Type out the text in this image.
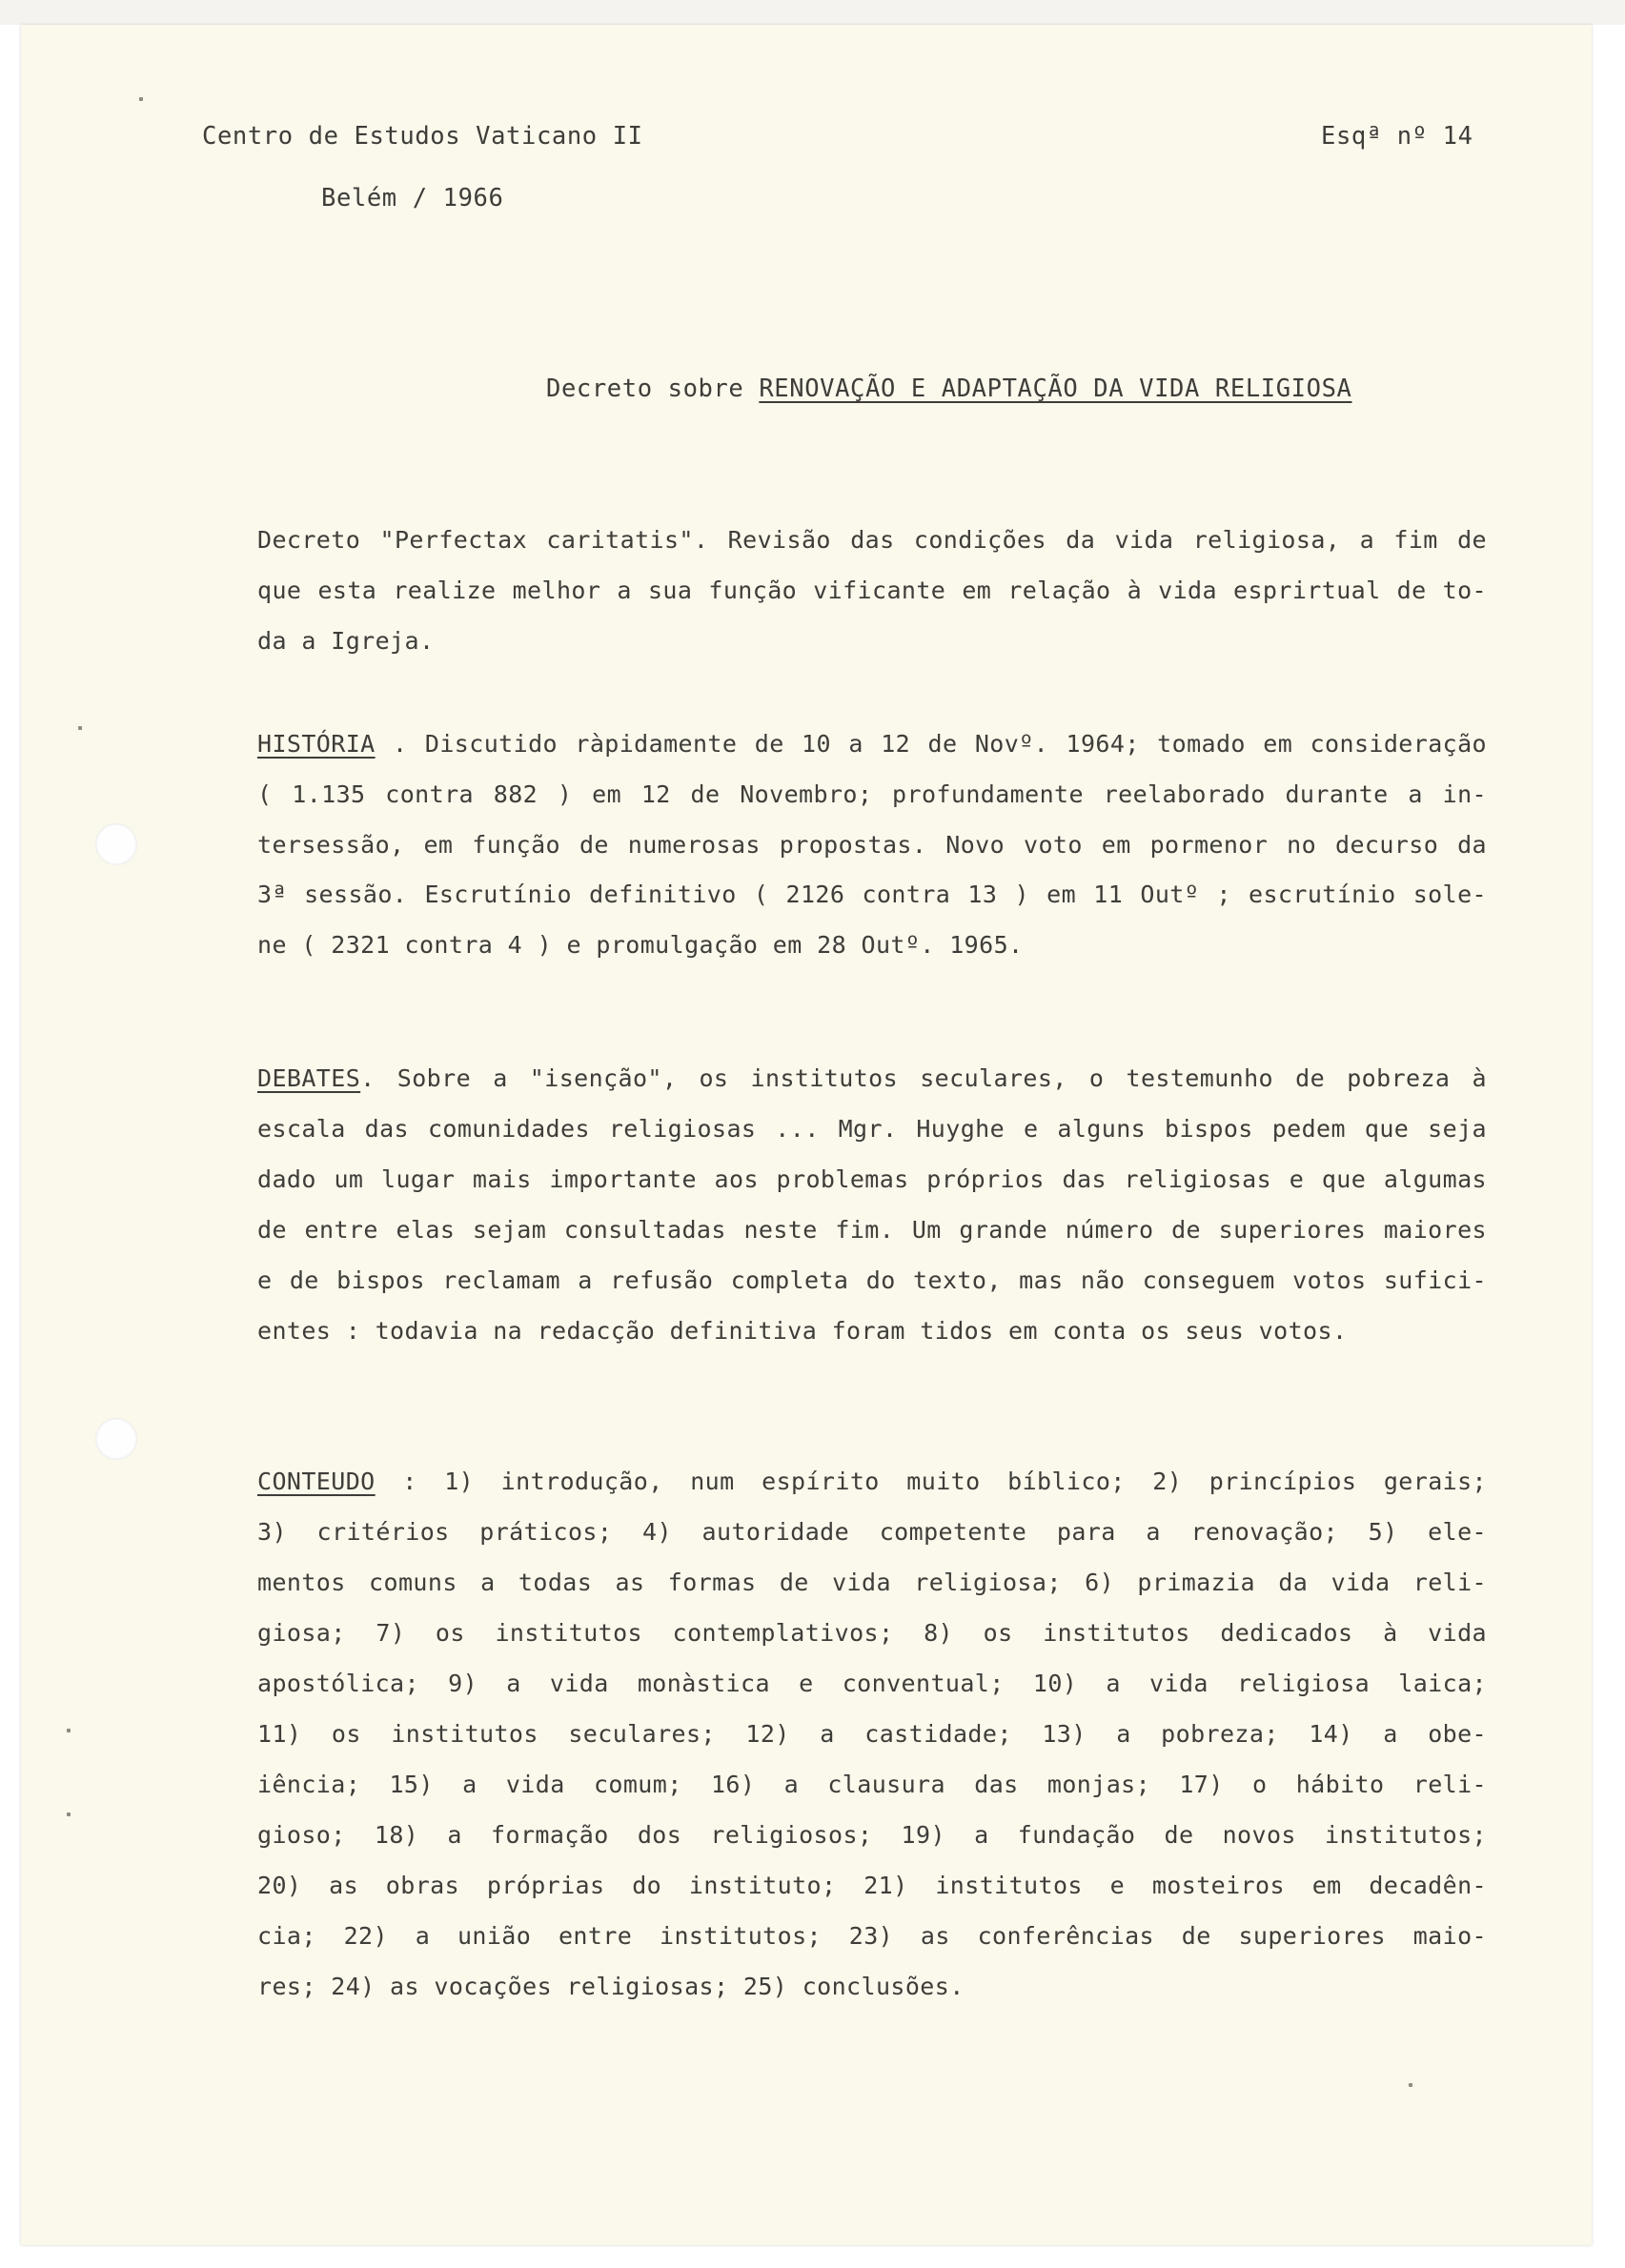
Centro de Estudos Vaticano II	Esqª nº 14
Belém / 1966
Decreto sobre RENOVAÇÃO E ADAPTAÇÃO DA VIDA RELIGIOSA
Decreto "Perfectax caritatis". Revisão das condições da vida religiosa, a fim de
que esta realize melhor a sua função vificante em relação à vida esprirtual de to-
da a Igreja.
HISTÓRIA . Discutido ràpidamente de 10 a 12 de Novº. 1964; tomado em consideração
( 1.135 contra 882 ) em 12 de Novembro; profundamente reelaborado durante a in-
tersessão, em função de numerosas propostas. Novo voto em pormenor no decurso da
3ª sessão. Escrutínio definitivo ( 2126 contra 13 ) em 11 Outº ; escrutínio sole-
ne ( 2321 contra 4 ) e promulgação em 28 Outº. 1965.
DEBATES. Sobre a "isenção", os institutos seculares, o testemunho de pobreza à
escala das comunidades religiosas ... Mgr. Huyghe e alguns bispos pedem que seja
dado um lugar mais importante aos problemas próprios das religiosas e que algumas
de entre elas sejam consultadas neste fim. Um grande número de superiores maiores
e de bispos reclamam a refusão completa do texto, mas não conseguem votos sufici-
entes : todavia na redacção definitiva foram tidos em conta os seus votos.
CONTEUDO : 1) introdução, num espírito muito bíblico; 2) princípios gerais;
3) critérios práticos; 4) autoridade competente para a renovação; 5) ele-
mentos comuns a todas as formas de vida religiosa; 6) primazia da vida reli-
giosa; 7) os institutos contemplativos; 8) os institutos dedicados à vida
apostólica; 9) a vida monàstica e conventual; 10) a vida religiosa laica;
11) os institutos seculares; 12) a castidade; 13) a pobreza; 14) a obe-
iência; 15) a vida comum; 16) a clausura das monjas; 17) o hábito reli-
gioso; 18) a formação dos religiosos; 19) a fundação de novos institutos;
20) as obras próprias do instituto; 21) institutos e mosteiros em decadên-
cia; 22) a união entre institutos; 23) as conferências de superiores maio-
res; 24) as vocações religiosas; 25) conclusões.
